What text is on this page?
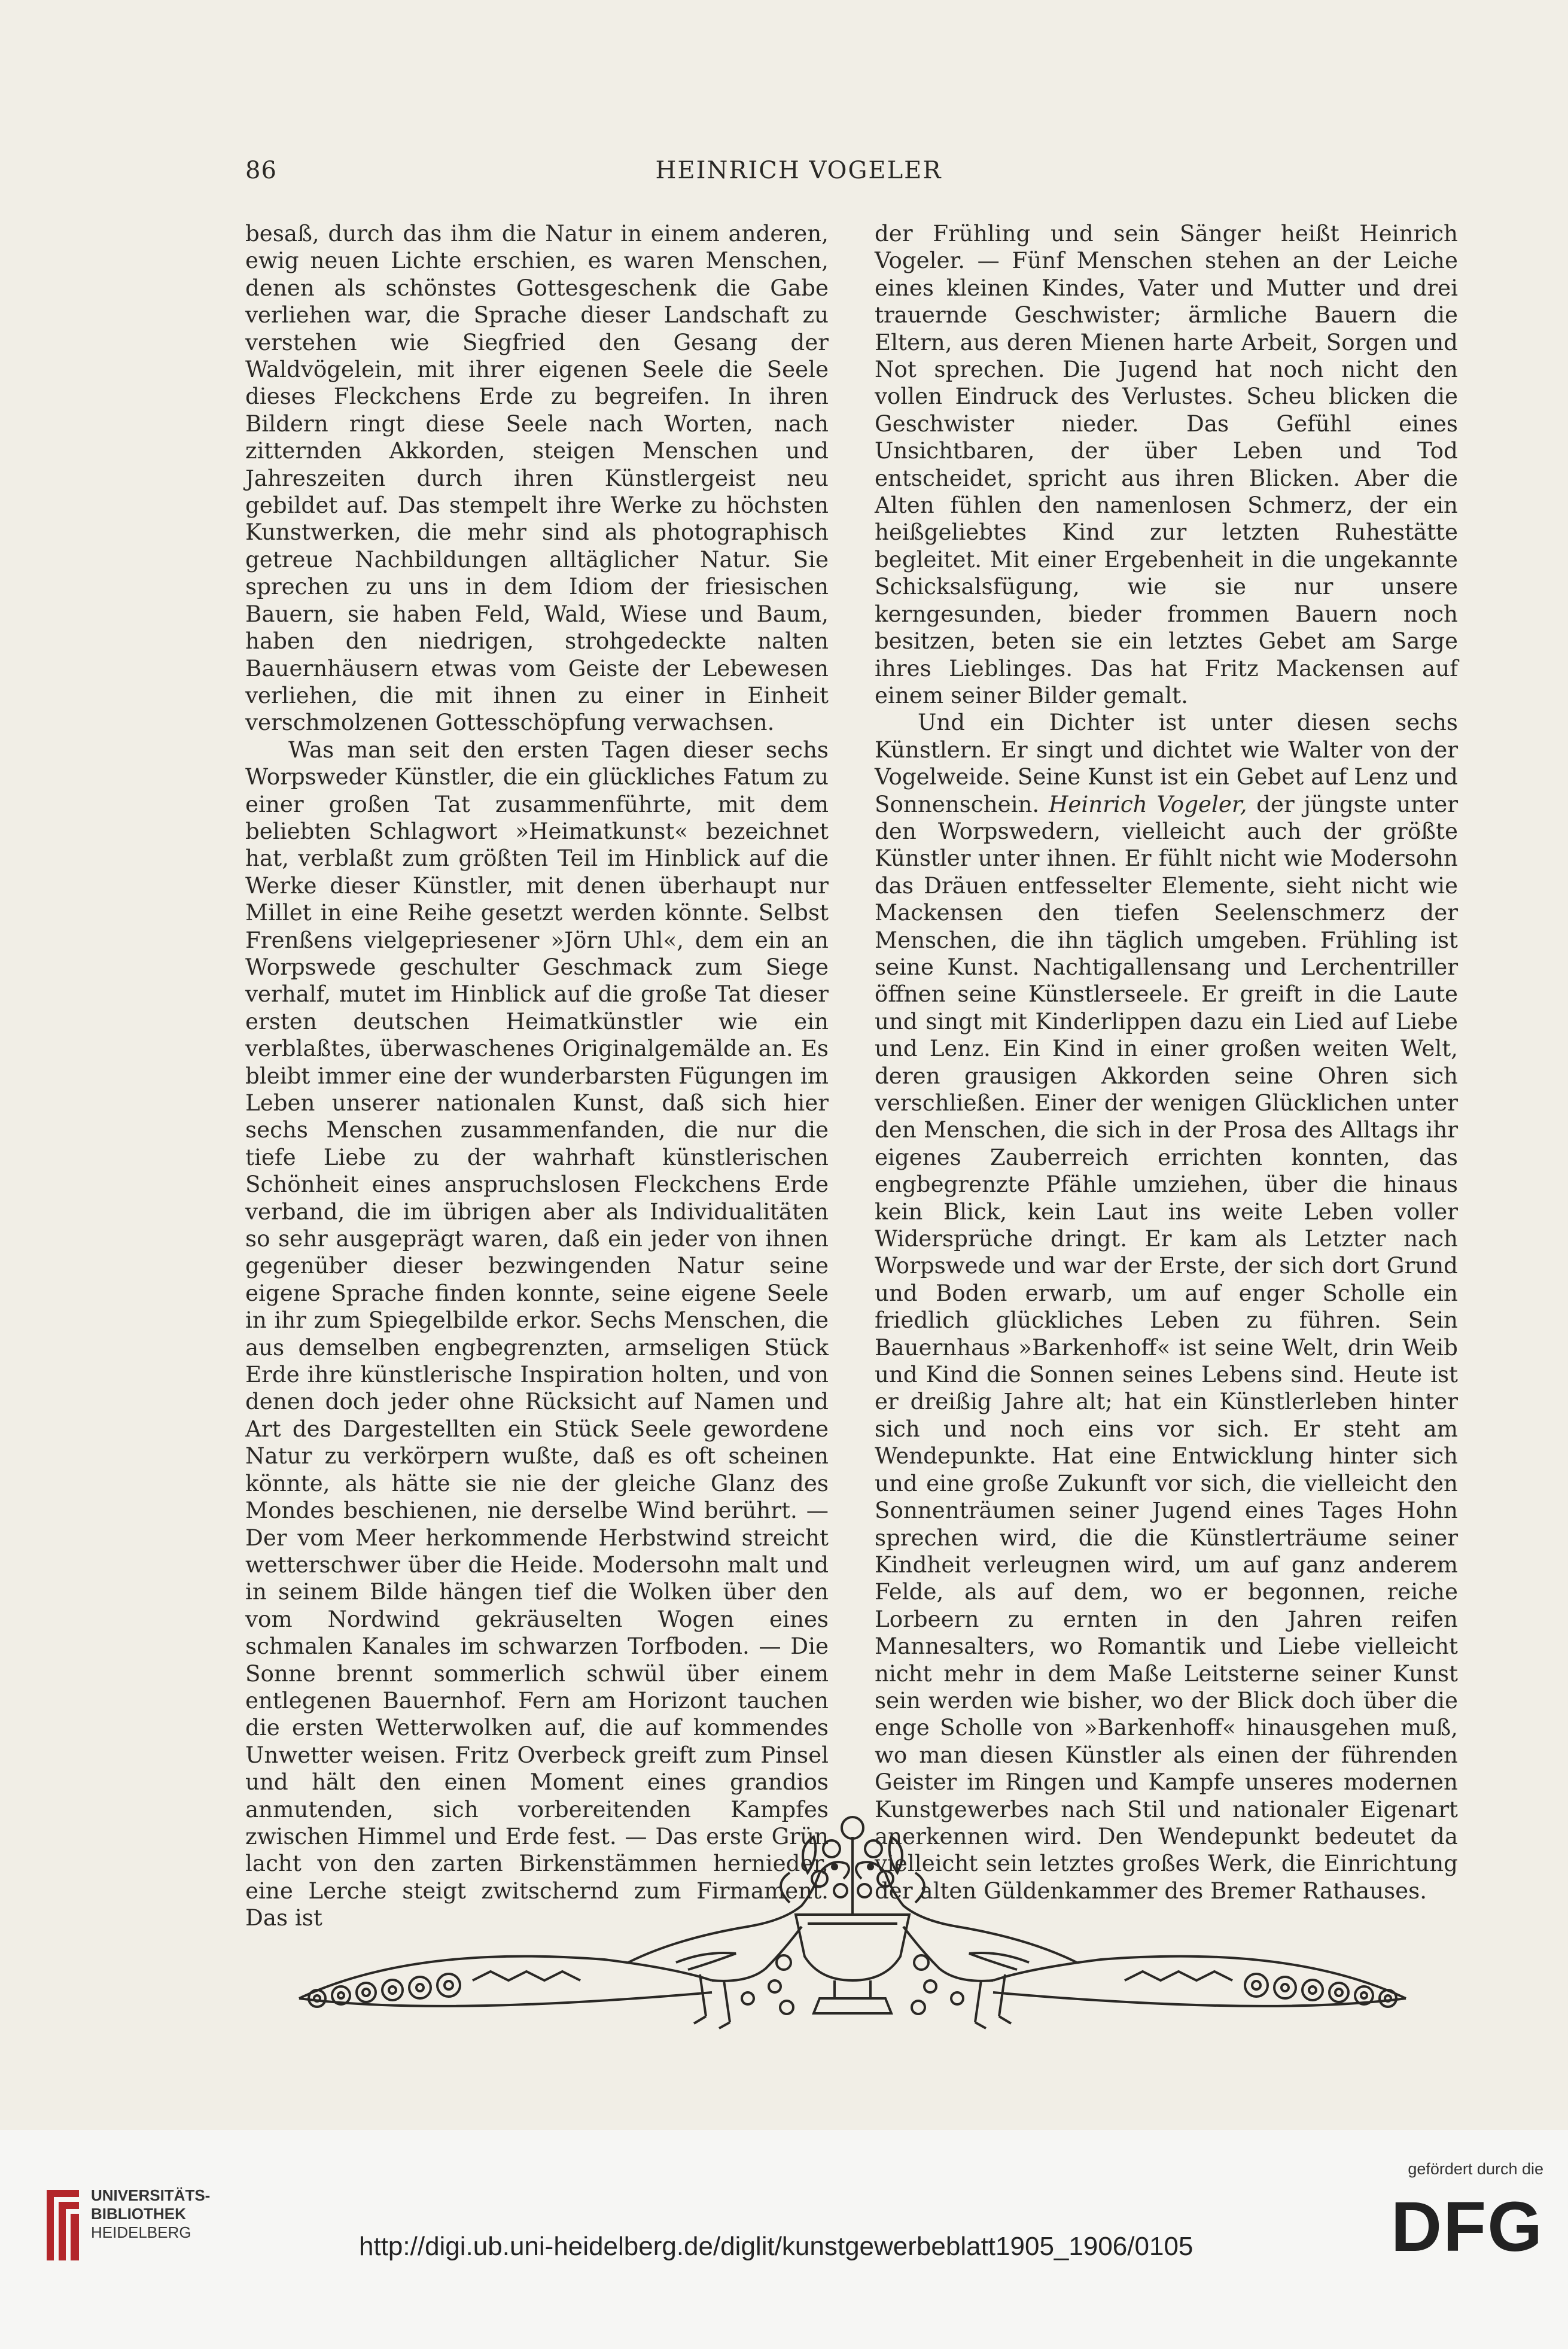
86	HEINRICH VOGELER

besaß, durch das ihm die Natur in einem anderen, ewig neuen Lichte erschien, es waren Menschen, denen als schönstes Gottesgeschenk die Gabe verliehen war, die Sprache dieser Landschaft zu verstehen wie Siegfried den Gesang der Waldvögelein, mit ihrer eigenen Seele die Seele dieses Fleckchens Erde zu begreifen. In ihren Bildern ringt diese Seele nach Worten, nach zitternden Akkorden, steigen Menschen und Jahreszeiten durch ihren Künstlergeist neu gebildet auf. Das stempelt ihre Werke zu höchsten Kunstwerken, die mehr sind als photographisch getreue Nachbildungen alltäglicher Natur. Sie sprechen zu uns in dem Idiom der friesischen Bauern, sie haben Feld, Wald, Wiese und Baum, haben den niedrigen, strohgedeckte nalten Bauernhäusern etwas vom Geiste der Lebewesen verliehen, die mit ihnen zu einer in Einheit verschmolzenen Gottesschöpfung verwachsen.

Was man seit den ersten Tagen dieser sechs Worpsweder Künstler, die ein glückliches Fatum zu einer großen Tat zusammenführte, mit dem beliebten Schlagwort »Heimatkunst« bezeichnet hat, verblaßt zum größten Teil im Hinblick auf die Werke dieser Künstler, mit denen überhaupt nur Millet in eine Reihe gesetzt werden könnte. Selbst Frenßens vielgepriesener »Jörn Uhl«, dem ein an Worpswede geschulter Geschmack zum Siege verhalf, mutet im Hinblick auf die große Tat dieser ersten deutschen Heimatkünstler wie ein verblaßtes, überwaschenes Originalgemälde an. Es bleibt immer eine der wunderbarsten Fügungen im Leben unserer nationalen Kunst, daß sich hier sechs Menschen zusammenfanden, die nur die tiefe Liebe zu der wahrhaft künstlerischen Schönheit eines anspruchslosen Fleckchens Erde verband, die im übrigen aber als Individualitäten so sehr ausgeprägt waren, daß ein jeder von ihnen gegenüber dieser bezwingenden Natur seine eigene Sprache finden konnte, seine eigene Seele in ihr zum Spiegelbilde erkor. Sechs Menschen, die aus demselben engbegrenzten, armseligen Stück Erde ihre künstlerische Inspiration holten, und von denen doch jeder ohne Rücksicht auf Namen und Art des Dargestellten ein Stück Seele gewordene Natur zu verkörpern wußte, daß es oft scheinen könnte, als hätte sie nie der gleiche Glanz des Mondes beschienen, nie derselbe Wind berührt. — Der vom Meer herkommende Herbstwind streicht wetterschwer über die Heide. Modersohn malt und in seinem Bilde hängen tief die Wolken über den vom Nordwind gekräuselten Wogen eines schmalen Kanales im schwarzen Torfboden. — Die Sonne brennt sommerlich schwül über einem entlegenen Bauernhof. Fern am Horizont tauchen die ersten Wetterwolken auf, die auf kommendes Unwetter weisen. Fritz Overbeck greift zum Pinsel und hält den einen Moment eines grandios anmutenden, sich vorbereitenden Kampfes zwischen Himmel und Erde fest. — Das erste Grün lacht von den zarten Birkenstämmen hernieder, eine Lerche steigt zwitschernd zum Firmament. Das ist

der Frühling und sein Sänger heißt Heinrich Vogeler. — Fünf Menschen stehen an der Leiche eines kleinen Kindes, Vater und Mutter und drei trauernde Geschwister; ärmliche Bauern die Eltern, aus deren Mienen harte Arbeit, Sorgen und Not sprechen. Die Jugend hat noch nicht den vollen Eindruck des Verlustes. Scheu blicken die Geschwister nieder. Das Gefühl eines Unsichtbaren, der über Leben und Tod entscheidet, spricht aus ihren Blicken. Aber die Alten fühlen den namenlosen Schmerz, der ein heißgeliebtes Kind zur letzten Ruhestätte begleitet. Mit einer Ergebenheit in die ungekannte Schicksalsfügung, wie sie nur unsere kerngesunden, bieder frommen Bauern noch besitzen, beten sie ein letztes Gebet am Sarge ihres Lieblinges. Das hat Fritz Mackensen auf einem seiner Bilder gemalt.

Und ein Dichter ist unter diesen sechs Künstlern. Er singt und dichtet wie Walter von der Vogelweide. Seine Kunst ist ein Gebet auf Lenz und Sonnenschein. Heinrich Vogeler, der jüngste unter den Worpswedern, vielleicht auch der größte Künstler unter ihnen. Er fühlt nicht wie Modersohn das Dräuen entfesselter Elemente, sieht nicht wie Mackensen den tiefen Seelenschmerz der Menschen, die ihn täglich umgeben. Frühling ist seine Kunst. Nachtigallensang und Lerchentriller öffnen seine Künstlerseele. Er greift in die Laute und singt mit Kinderlippen dazu ein Lied auf Liebe und Lenz. Ein Kind in einer großen weiten Welt, deren grausigen Akkorden seine Ohren sich verschließen. Einer der wenigen Glücklichen unter den Menschen, die sich in der Prosa des Alltags ihr eigenes Zauberreich errichten konnten, das engbegrenzte Pfähle umziehen, über die hinaus kein Blick, kein Laut ins weite Leben voller Widersprüche dringt. Er kam als Letzter nach Worpswede und war der Erste, der sich dort Grund und Boden erwarb, um auf enger Scholle ein friedlich glückliches Leben zu führen. Sein Bauernhaus »Barkenhoff« ist seine Welt, drin Weib und Kind die Sonnen seines Lebens sind. Heute ist er dreißig Jahre alt; hat ein Künstlerleben hinter sich und noch eins vor sich. Er steht am Wendepunkte. Hat eine Entwicklung hinter sich und eine große Zukunft vor sich, die vielleicht den Sonnenträumen seiner Jugend eines Tages Hohn sprechen wird, die die Künstlerträume seiner Kindheit verleugnen wird, um auf ganz anderem Felde, als auf dem, wo er begonnen, reiche Lorbeern zu ernten in den Jahren reifen Mannesalters, wo Romantik und Liebe vielleicht nicht mehr in dem Maße Leitsterne seiner Kunst sein werden wie bisher, wo der Blick doch über die enge Scholle von »Barkenhoff« hinausgehen muß, wo man diesen Künstler als einen der führenden Geister im Ringen und Kampfe unseres modernen Kunstgewerbes nach Stil und nationaler Eigenart anerkennen wird. Den Wendepunkt bedeutet da vielleicht sein letztes großes Werk, die Einrichtung der alten Güldenkammer des Bremer Rathauses.

UNIVERSITÄTS-
BIBLIOTHEK
HEIDELBERG	http://digi.ub.uni-heidelberg.de/diglit/kunstgewerbeblatt1905_1906/0105
gefördert durch die
DFG
